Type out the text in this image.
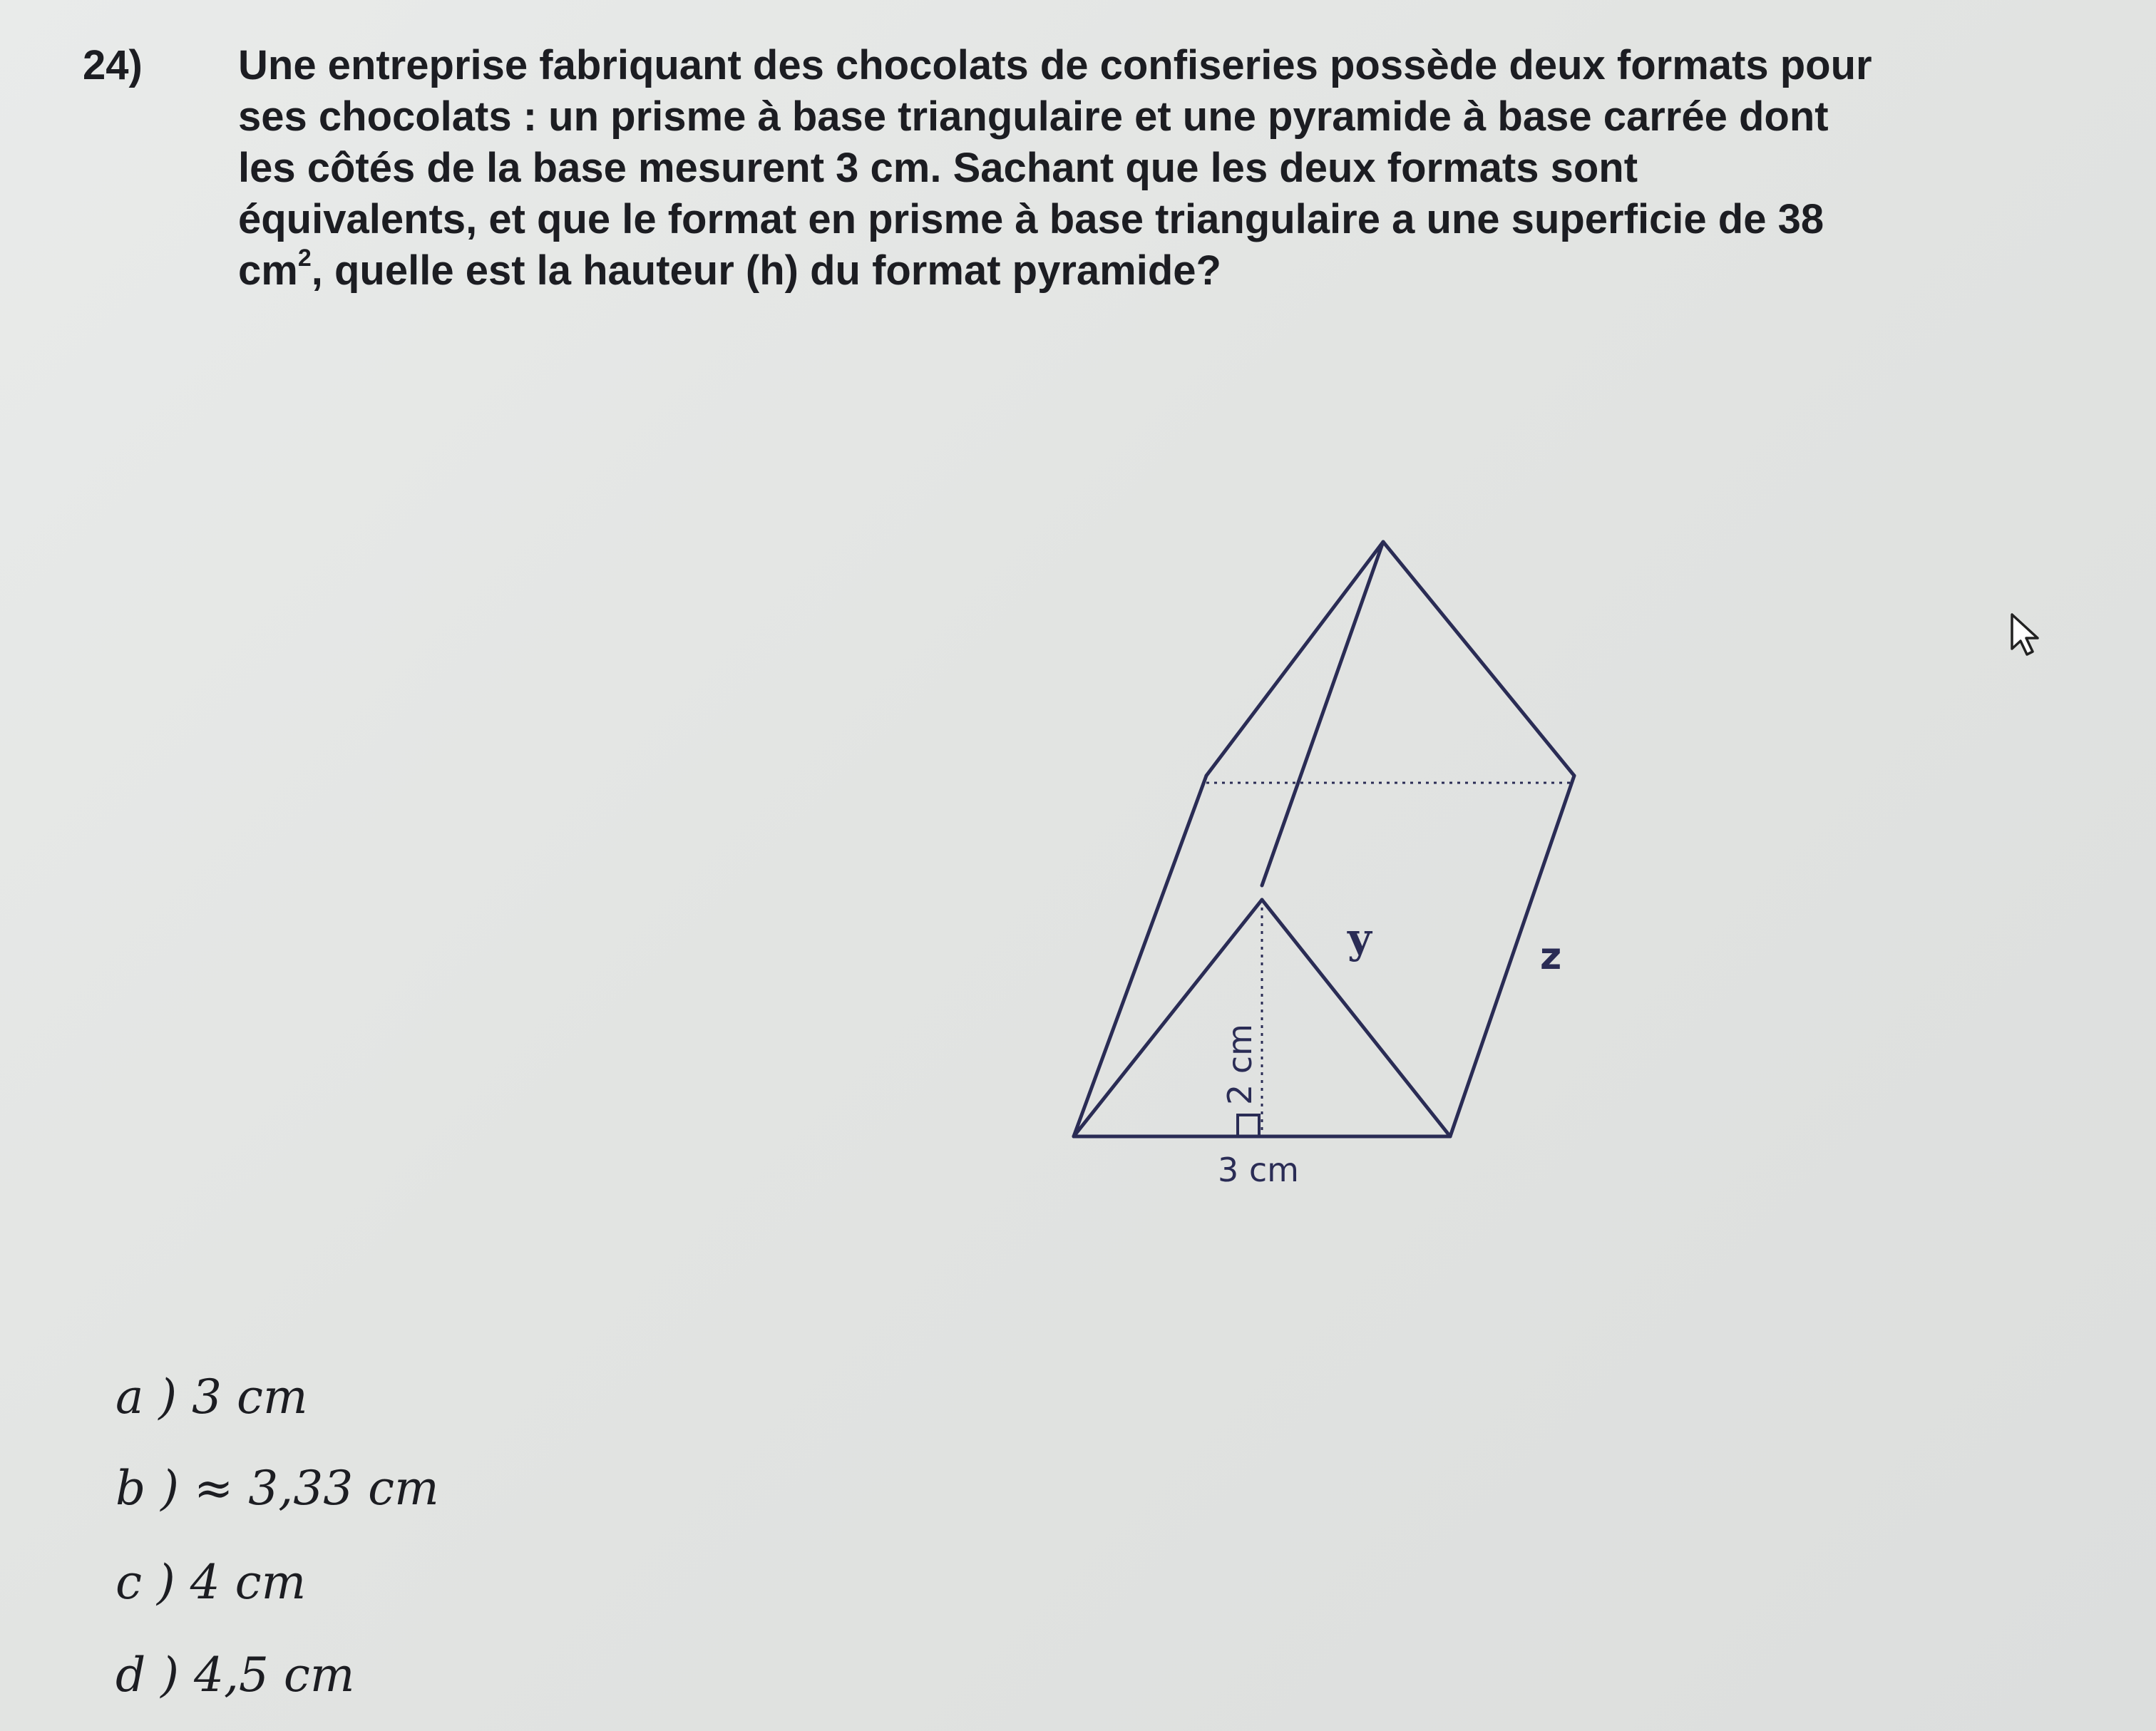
24) Une entreprise fabriquant des chocolats de confiseries possède deux formats pour
ses chocolats : un prisme à base triangulaire et une pyramide à base carrée dont
les côtés de la base mesurent 3 cm. Sachant que les deux formats sont
équivalents, et que le format en prisme à base triangulaire a une superficie de 38
$cm^2$, quelle est la hauteur (h) du format pyramide?
y	z
2 cm
3 cm
a ) 3 cm
b ) ≈ 3,33 cm
c ) 4 cm
d ) 4,5 cm
